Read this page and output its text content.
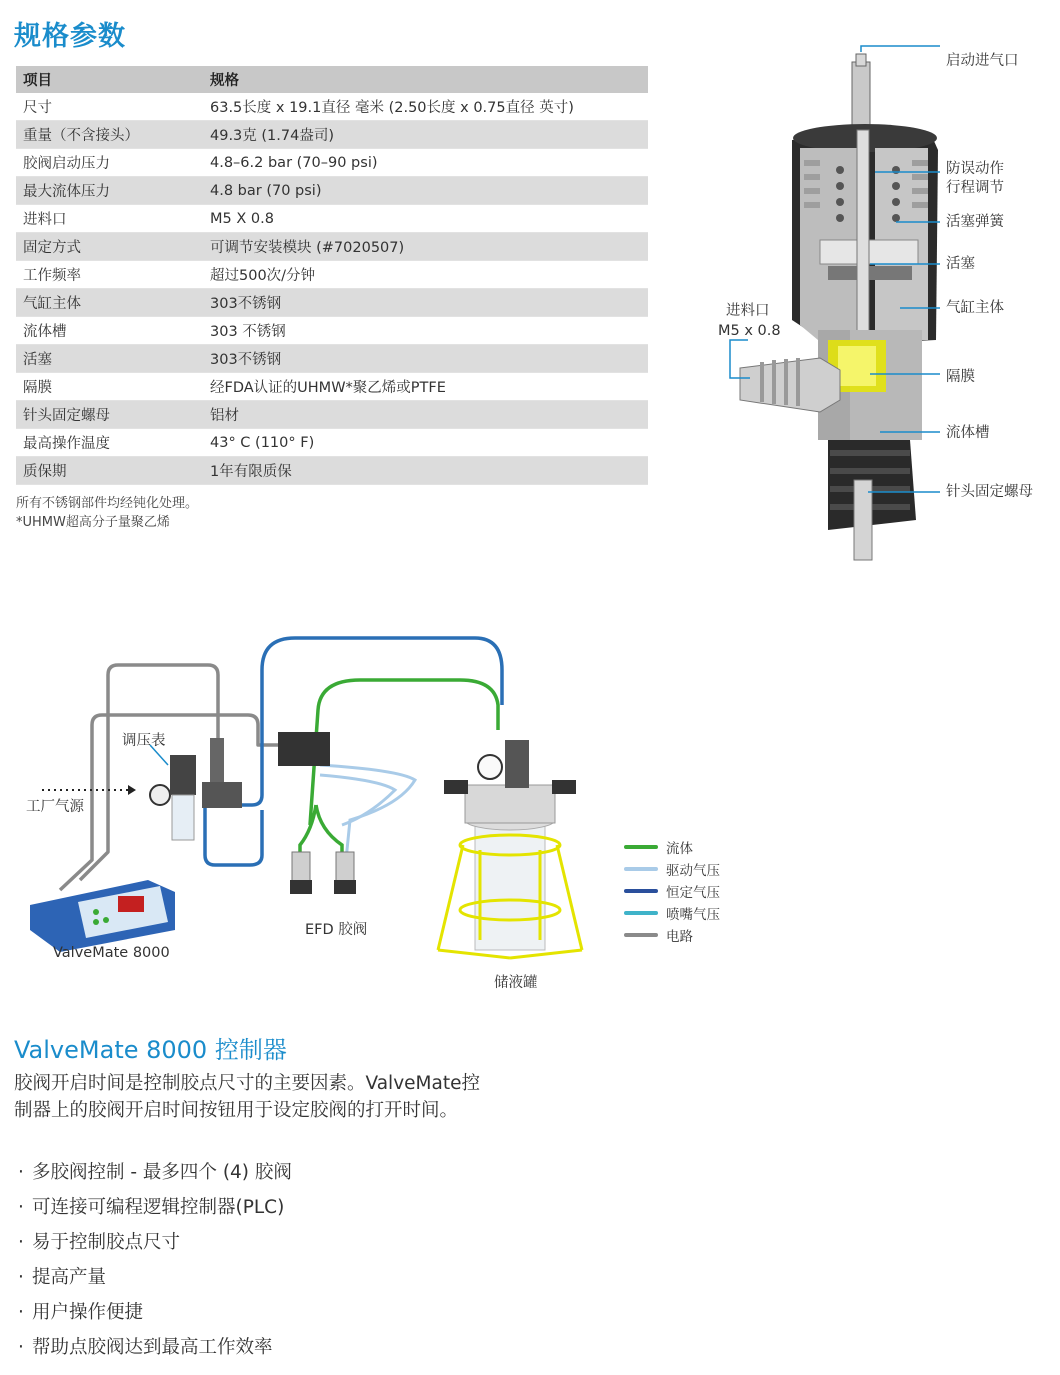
规格参数
项目	规格
尺寸	63.5长度 x 19.1直径 毫米 (2.50长度 x 0.75直径 英寸)
重量（不含接头）	49.3克 (1.74盎司)
胶阀启动压力	4.8–6.2 bar (70–90 psi)
最大流体压力	4.8 bar (70 psi)
进料口	M5 X 0.8
固定方式	可调节安装模块 (#7020507)
工作频率	超过500次/分钟
气缸主体	303不锈钢
流体槽	303 不锈钢
活塞	303不锈钢
隔膜	经FDA认证的UHMW*聚乙烯或PTFE
针头固定螺母	铝材
最高操作温度	43° C (110° F)
质保期	1年有限质保
所有不锈钢部件均经钝化处理。
*UHMW超高分子量聚乙烯
启动进气口
防误动作
行程调节
活塞弹簧
活塞
气缸主体
进料口
M5 x 0.8
隔膜
流体槽
针头固定螺母
调压表
工厂气源
ValveMate 8000
EFD 胶阀
储液罐
流体
驱动气压
恒定气压
喷嘴气压
电路
ValveMate 8000 控制器
胶阀开启时间是控制胶点尺寸的主要因素。ValveMate控制器上的胶阀开启时间按钮用于设定胶阀的打开时间。
· 多胶阀控制 - 最多四个 (4) 胶阀
· 可连接可编程逻辑控制器(PLC)
· 易于控制胶点尺寸
· 提高产量
· 用户操作便捷
· 帮助点胶阀达到最高工作效率
